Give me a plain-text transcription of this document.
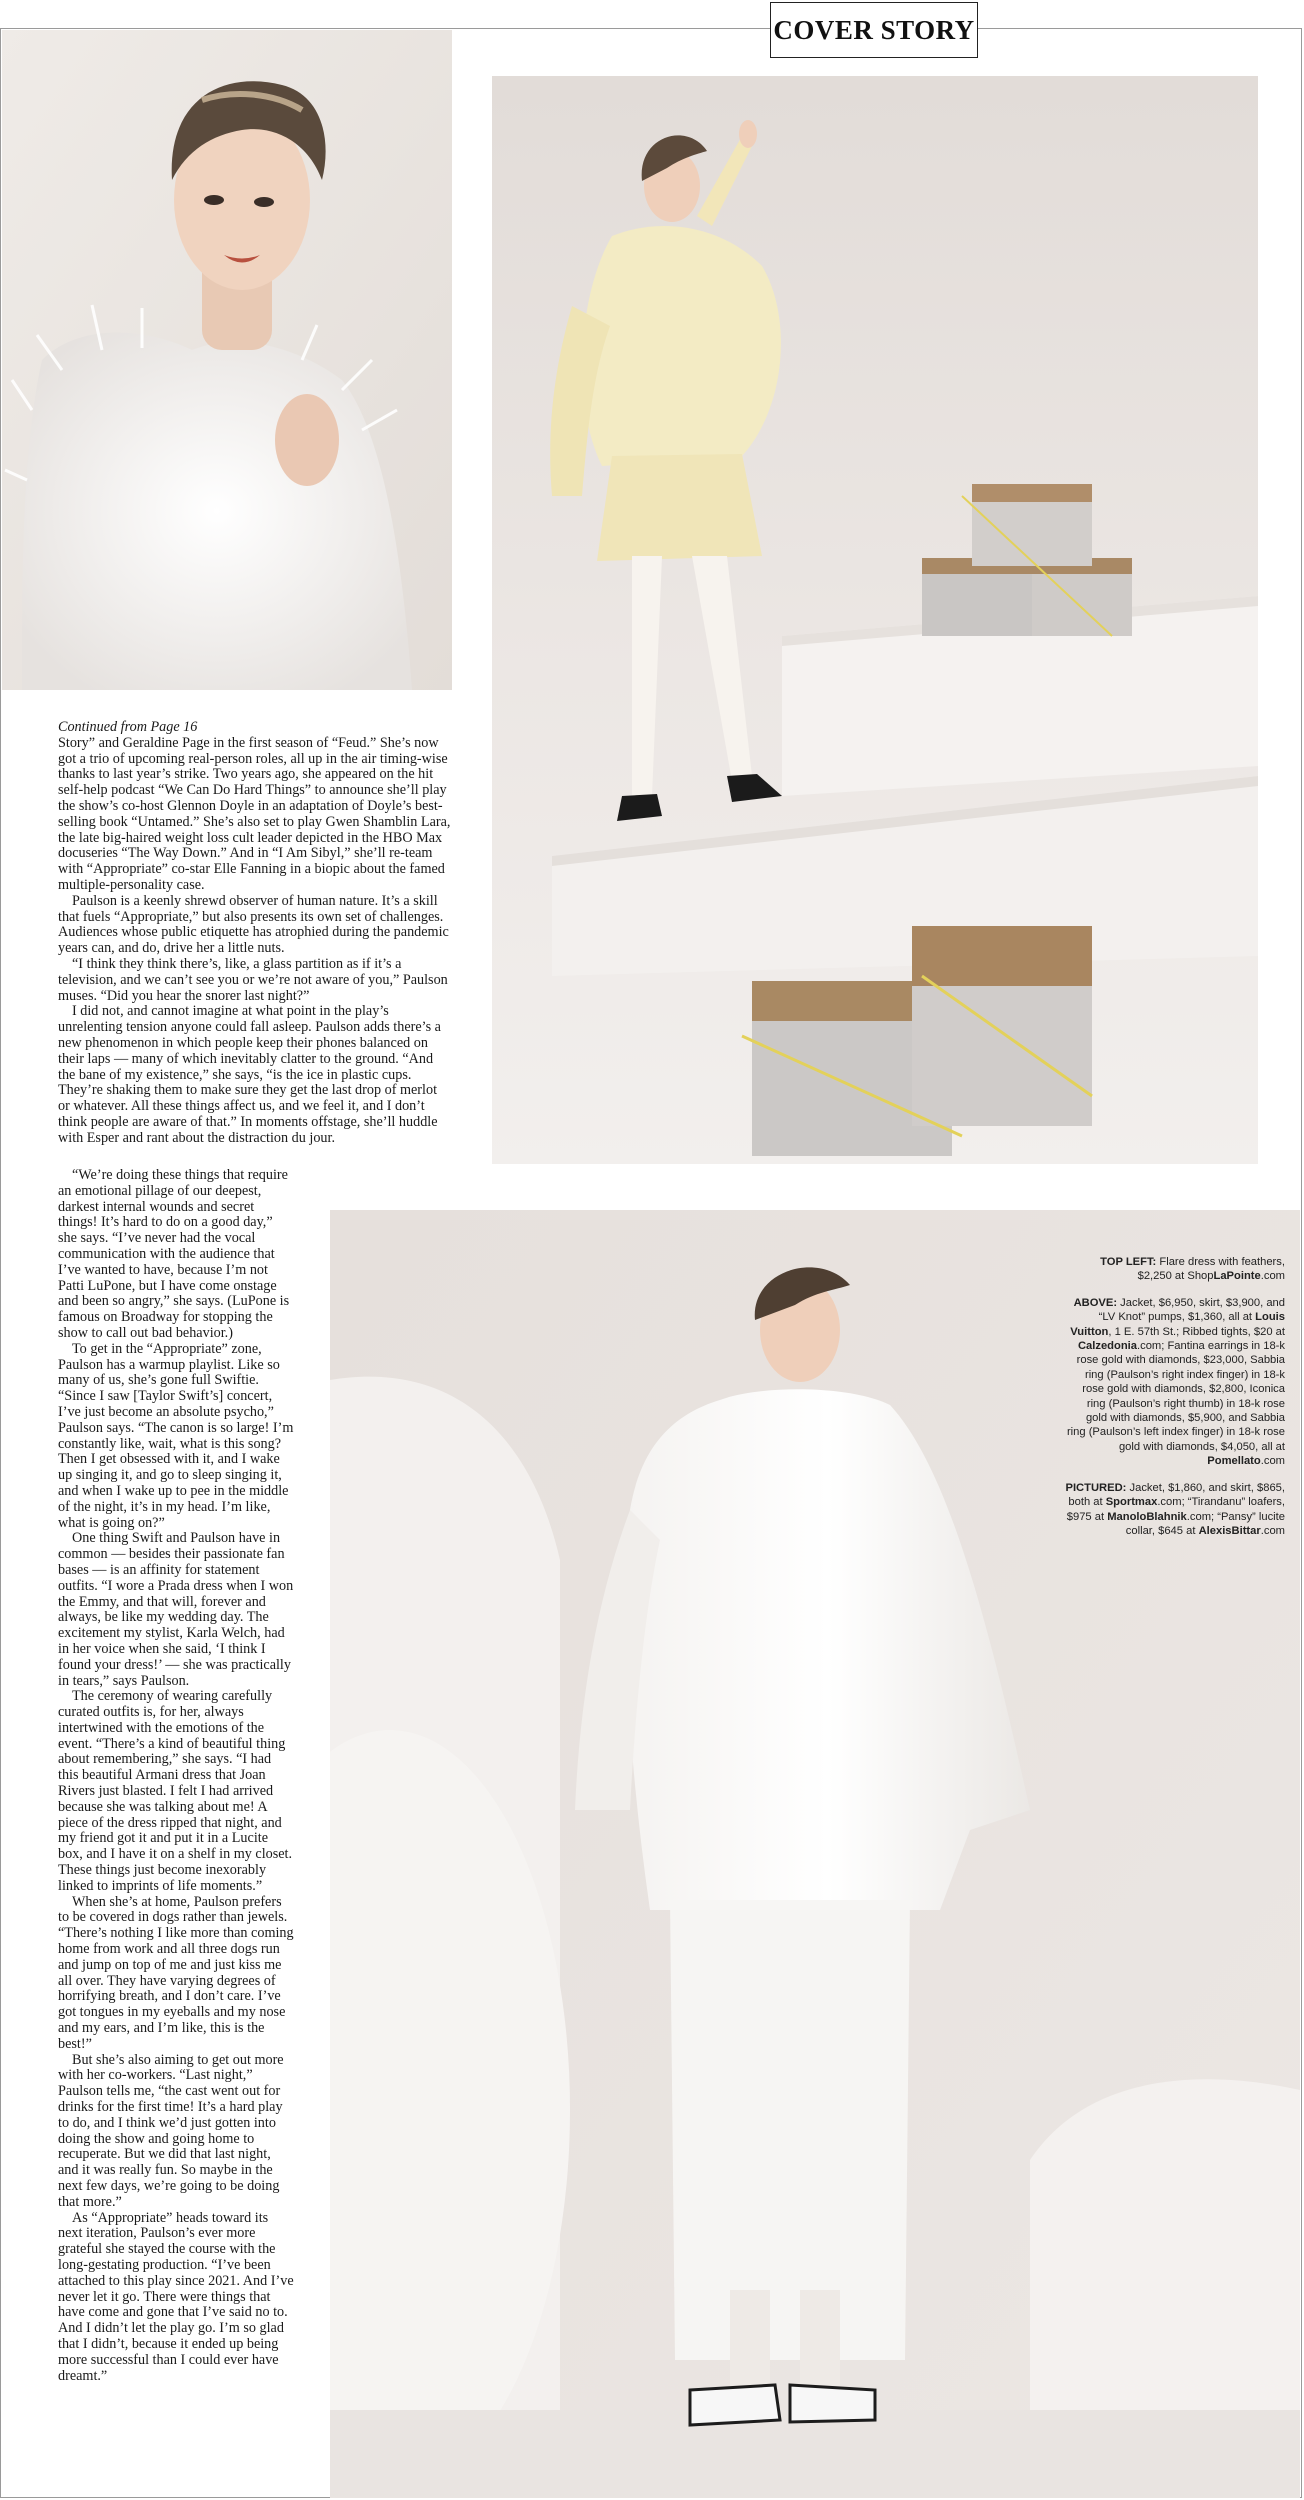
COVER STORY

Continued from Page 16

Story” and Geraldine Page in the first season of “Feud.” She’s now got a trio of upcoming real-person roles, all up in the air timing-wise thanks to last year’s strike. Two years ago, she appeared on the hit self-help podcast “We Can Do Hard Things” to announce she’ll play the show’s co-host Glennon Doyle in an adaptation of Doyle’s best-selling book “Untamed.” She’s also set to play Gwen Shamblin Lara, the late big-haired weight loss cult leader depicted in the HBO Max docuseries “The Way Down.” And in “I Am Sibyl,” she’ll re-team with “Appropriate” co-star Elle Fanning in a biopic about the famed multiple-personality case.

Paulson is a keenly shrewd observer of human nature. It’s a skill that fuels “Appropriate,” but also presents its own set of challenges. Audiences whose public etiquette has atrophied during the pandemic years can, and do, drive her a little nuts.

“I think they think there’s, like, a glass partition as if it’s a television, and we can’t see you or we’re not aware of you,” Paulson muses. “Did you hear the snorer last night?”

I did not, and cannot imagine at what point in the play’s unrelenting tension anyone could fall asleep. Paulson adds there’s a new phenomenon in which people keep their phones balanced on their laps — many of which inevitably clatter to the ground. “And the bane of my existence,” she says, “is the ice in plastic cups. They’re shaking them to make sure they get the last drop of merlot or whatever. All these things affect us, and we feel it, and I don’t think people are aware of that.” In moments offstage, she’ll huddle with Esper and rant about the distraction du jour.

“We’re doing these things that require an emotional pillage of our deepest, darkest internal wounds and secret things! It’s hard to do on a good day,” she says. “I’ve never had the vocal communication with the audience that I’ve wanted to have, because I’m not Patti LuPone, but I have come onstage and been so angry,” she says. (LuPone is famous on Broadway for stopping the show to call out bad behavior.)

To get in the “Appropriate” zone, Paulson has a warmup playlist. Like so many of us, she’s gone full Swiftie. “Since I saw [Taylor Swift’s] concert, I’ve just become an absolute psycho,” Paulson says. “The canon is so large! I’m constantly like, wait, what is this song? Then I get obsessed with it, and I wake up singing it, and go to sleep singing it, and when I wake up to pee in the middle of the night, it’s in my head. I’m like, what is going on?”

One thing Swift and Paulson have in common — besides their passionate fan bases — is an affinity for statement outfits. “I wore a Prada dress when I won the Emmy, and that will, forever and always, be like my wedding day. The excitement my stylist, Karla Welch, had in her voice when she said, ‘I think I found your dress!’ — she was practically in tears,” says Paulson.

The ceremony of wearing carefully curated outfits is, for her, always intertwined with the emotions of the event. “There’s a kind of beautiful thing about remembering,” she says. “I had this beautiful Armani dress that Joan Rivers just blasted. I felt I had arrived because she was talking about me! A piece of the dress ripped that night, and my friend got it and put it in a Lucite box, and I have it on a shelf in my closet. These things just become inexorably linked to imprints of life moments.”

When she’s at home, Paulson prefers to be covered in dogs rather than jewels. “There’s nothing I like more than coming home from work and all three dogs run and jump on top of me and just kiss me all over. They have varying degrees of horrifying breath, and I don’t care. I’ve got tongues in my eyeballs and my nose and my ears, and I’m like, this is the best!”

But she’s also aiming to get out more with her co-workers. “Last night,” Paulson tells me, “the cast went out for drinks for the first time! It’s a hard play to do, and I think we’d just gotten into doing the show and going home to recuperate. But we did that last night, and it was really fun. So maybe in the next few days, we’re going to be doing that more.”

As “Appropriate” heads toward its next iteration, Paulson’s ever more grateful she stayed the course with the long-gestating production. “I’ve been attached to this play since 2021. And I’ve never let it go. There were things that have come and gone that I’ve said no to. And I didn’t let the play go. I’m so glad that I didn’t, because it ended up being more successful than I could ever have dreamt.”

TOP LEFT: Flare dress with feathers, $2,250 at ShopLaPointe.com

ABOVE: Jacket, $6,950, skirt, $3,900, and “LV Knot” pumps, $1,360, all at Louis Vuitton, 1 E. 57th St.; Ribbed tights, $20 at Calzedonia.com; Fantina earrings in 18-k rose gold with diamonds, $23,000, Sabbia ring (Paulson’s right index finger) in 18-k rose gold with diamonds, $2,800, Iconica ring (Paulson’s right thumb) in 18-k rose gold with diamonds, $5,900, and Sabbia ring (Paulson’s left index finger) in 18-k rose gold with diamonds, $4,050, all at Pomellato.com

PICTURED: Jacket, $1,860, and skirt, $865, both at Sportmax.com; “Tirandanu” loafers, $975 at ManoloBlahnik.com; “Pansy” lucite collar, $645 at AlexisBittar.com
